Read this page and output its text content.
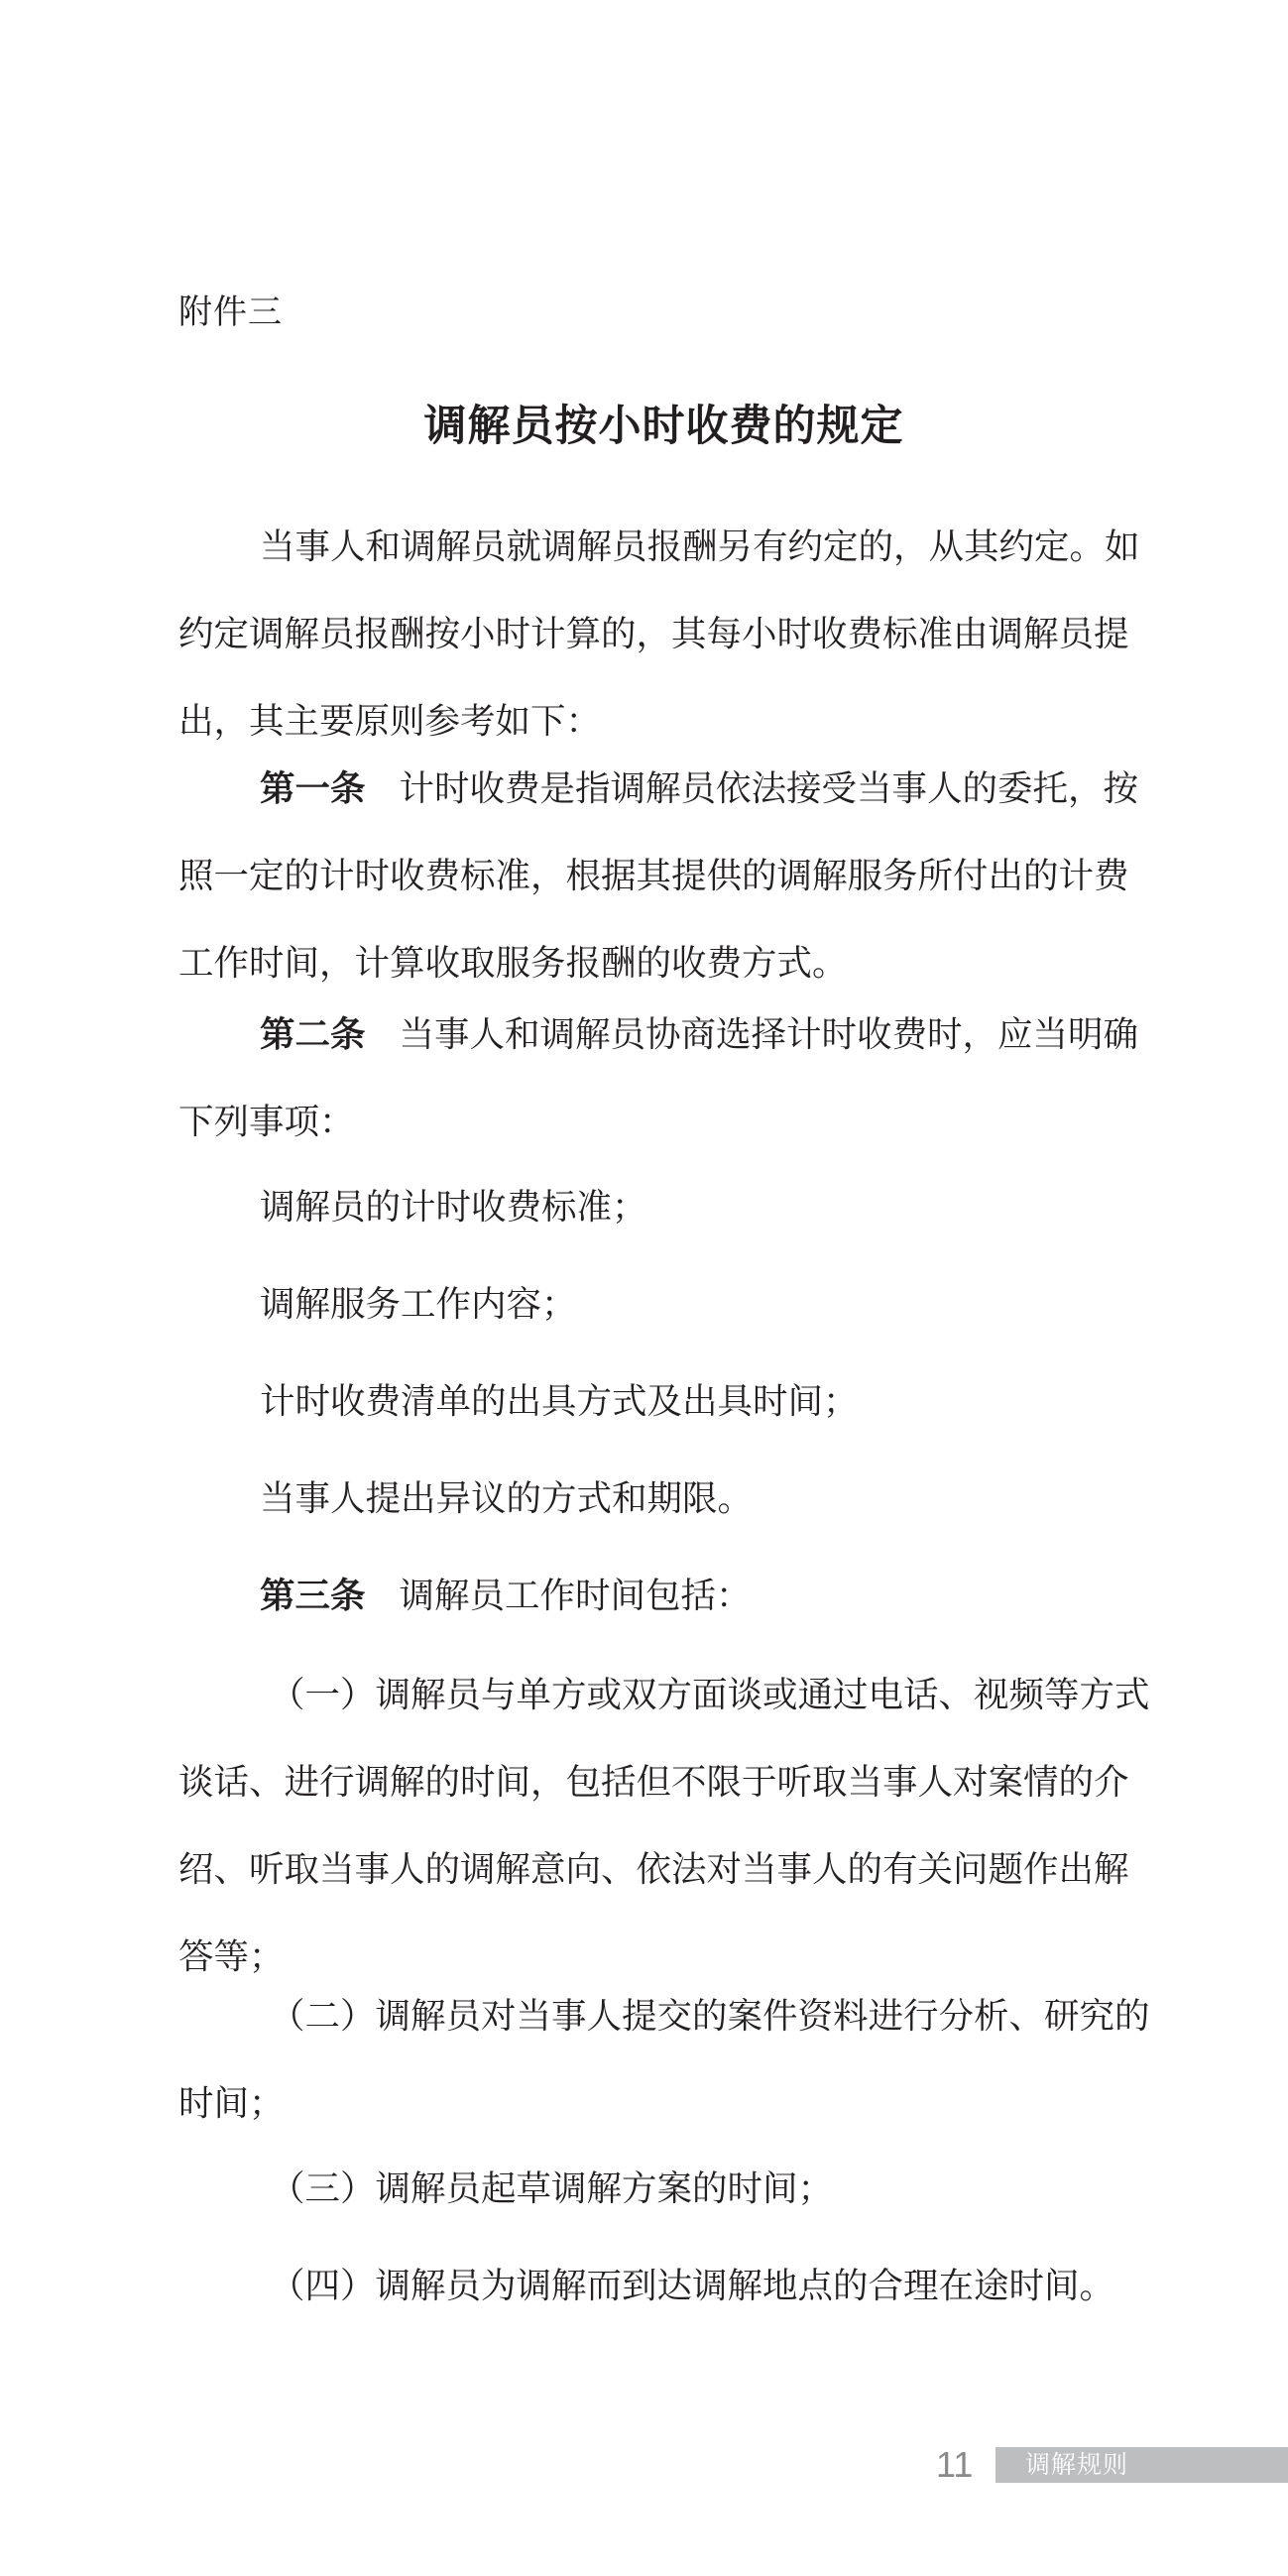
附件三
调解员按小时收费的规定

当事人和调解员就调解员报酬另有约定的，从其约定。如约定调解员报酬按小时计算的，其每小时收费标准由调解员提出，其主要原则参考如下：

第一条 计时收费是指调解员依法接受当事人的委托，按照一定的计时收费标准，根据其提供的调解服务所付出的计费工作时间，计算收取服务报酬的收费方式。

第二条 当事人和调解员协商选择计时收费时，应当明确下列事项：

调解员的计时收费标准；

调解服务工作内容；

计时收费清单的出具方式及出具时间；

当事人提出异议的方式和期限。

第三条 调解员工作时间包括：

（一）调解员与单方或双方面谈或通过电话、视频等方式谈话、进行调解的时间，包括但不限于听取当事人对案情的介绍、听取当事人的调解意向、依法对当事人的有关问题作出解答等；

（二）调解员对当事人提交的案件资料进行分析、研究的时间；

（三）调解员起草调解方案的时间；

（四）调解员为调解而到达调解地点的合理在途时间。

11 调解规则
